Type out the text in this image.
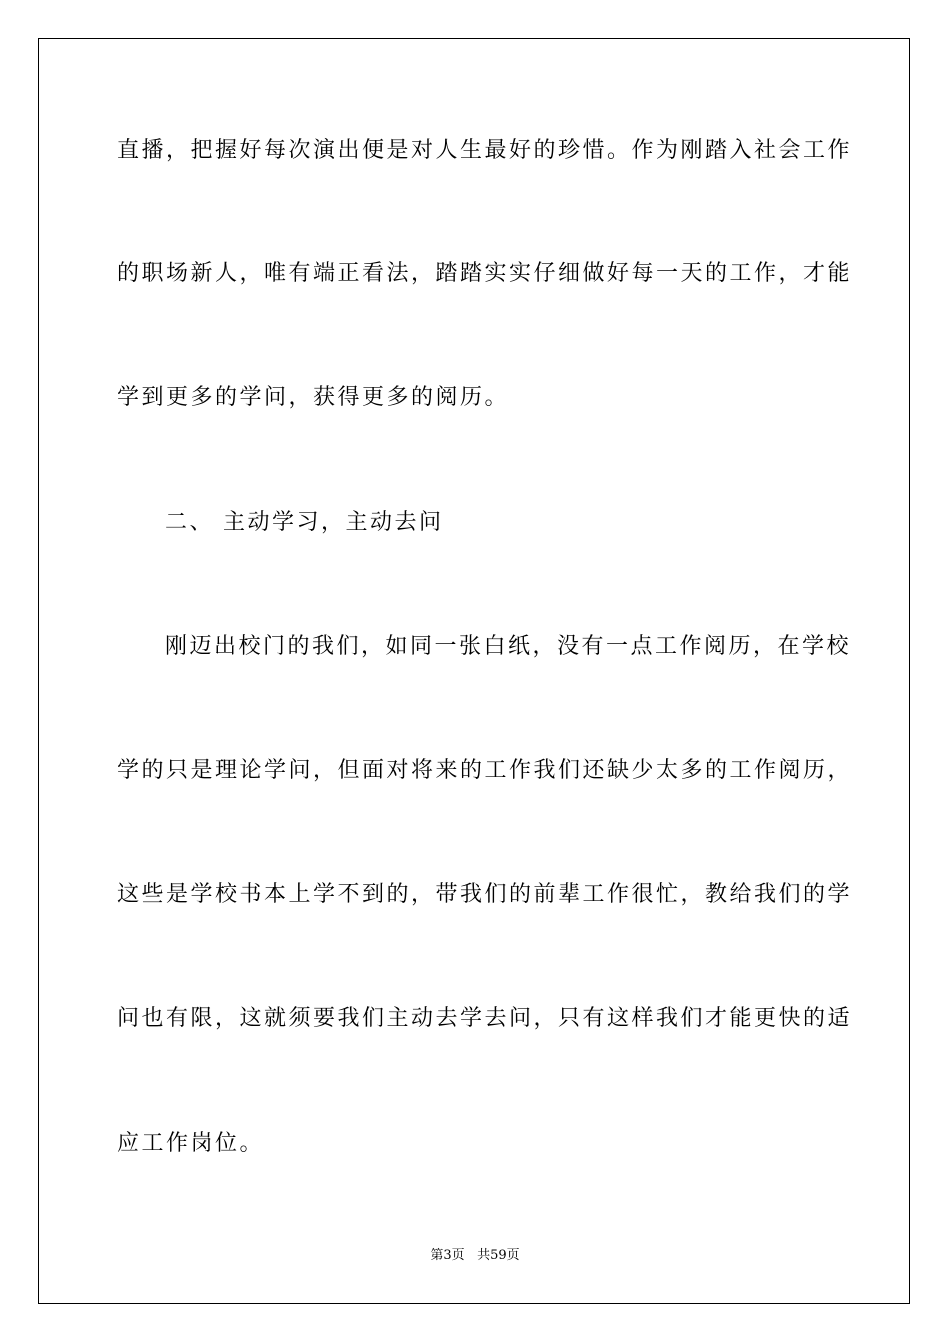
直播，把握好每次演出便是对人生最好的珍惜。作为刚踏入社会工作
的职场新人，唯有端正看法，踏踏实实仔细做好每一天的工作，才能
学到更多的学问，获得更多的阅历。
二、 主动学习，主动去问
刚迈出校门的我们，如同一张白纸，没有一点工作阅历，在学校
学的只是理论学问，但面对将来的工作我们还缺少太多的工作阅历，
这些是学校书本上学不到的，带我们的前辈工作很忙，教给我们的学
问也有限，这就须要我们主动去学去问，只有这样我们才能更快的适
应工作岗位。
第3页 共59页
